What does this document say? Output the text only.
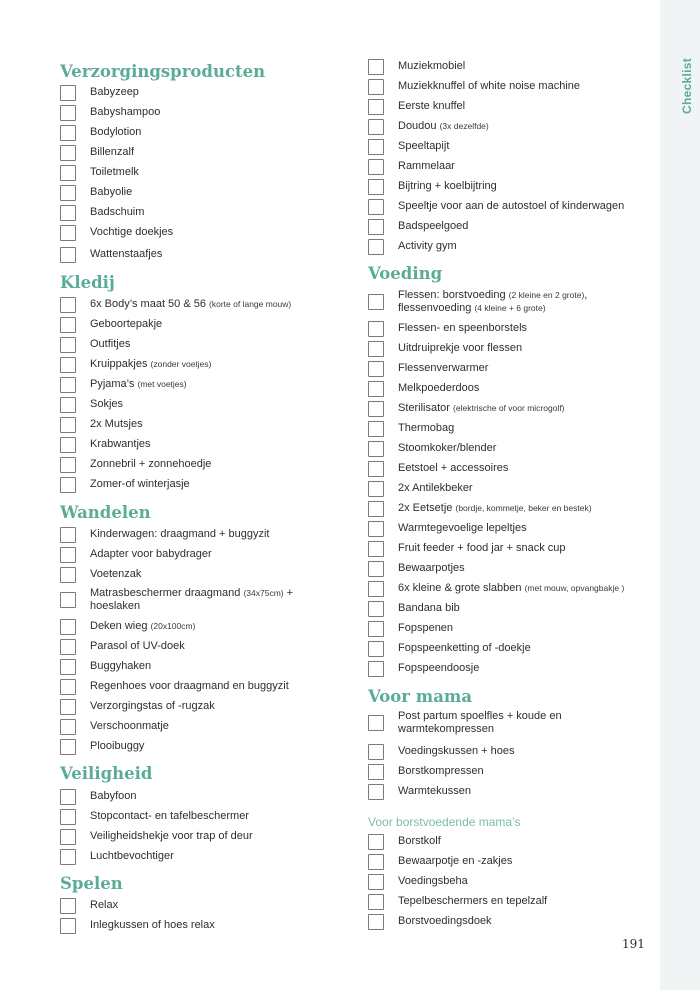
Checklist
Verzorgingsproducten
Babyzeep
Babyshampoo
Bodylotion
Billenzalf
Toiletmelk
Babyolie
Badschuim
Vochtige doekjes
Wattenstaafjes
Kledij
6x Body’s maat 50 & 56 (korte of lange mouw)
Geboortepakje
Outfitjes
Kruippakjes (zonder voetjes)
Pyjama’s (met voetjes)
Sokjes
2x Mutsjes
Krabwantjes
Zonnebril + zonnehoedje
Zomer-of winterjasje
Wandelen
Kinderwagen: draagmand + buggyzit
Adapter voor babydrager
Voetenzak
Matrasbeschermer draagmand (34x75cm) +
hoeslaken
Deken wieg (20x100cm)
Parasol of UV-doek
Buggyhaken
Regenhoes voor draagmand en buggyzit
Verzorgingstas of -rugzak
Verschoonmatje
Plooibuggy
Veiligheid
Babyfoon
Stopcontact- en tafelbeschermer
Veiligheidshekje voor trap of deur
Luchtbevochtiger
Spelen
Relax
Inlegkussen of hoes relax
Muziekmobiel
Muziekknuffel of white noise machine
Eerste knuffel
Doudou (3x dezelfde)
Speeltapijt
Rammelaar
Bijtring + koelbijtring
Speeltje voor aan de autostoel of kinderwagen
Badspeelgoed
Activity gym
Voeding
Flessen: borstvoeding (2 kleine en 2 grote),
flessenvoeding (4 kleine + 6 grote)
Flessen- en speenborstels
Uitdruiprekje voor flessen
Flessenverwarmer
Melkpoederdoos
Sterilisator (elektrische of voor microgolf)
Thermobag
Stoomkoker/blender
Eetstoel + accessoires
2x Antilekbeker
2x Eetsetje (bordje, kommetje, beker en bestek)
Warmtegevoelige lepeltjes
Fruit feeder + food jar + snack cup
Bewaarpotjes
6x kleine & grote slabben (met mouw, opvangbakje )
Bandana bib
Fopspenen
Fopspeenketting of -doekje
Fopspeendoosje
Voor mama
Post partum spoelfles + koude en
warmtekompressen
Voedingskussen + hoes
Borstkompressen
Warmtekussen
Voor borstvoedende mama’s
Borstkolf
Bewaarpotje en -zakjes
Voedingsbeha
Tepelbeschermers en tepelzalf
Borstvoedingsdoek
191
